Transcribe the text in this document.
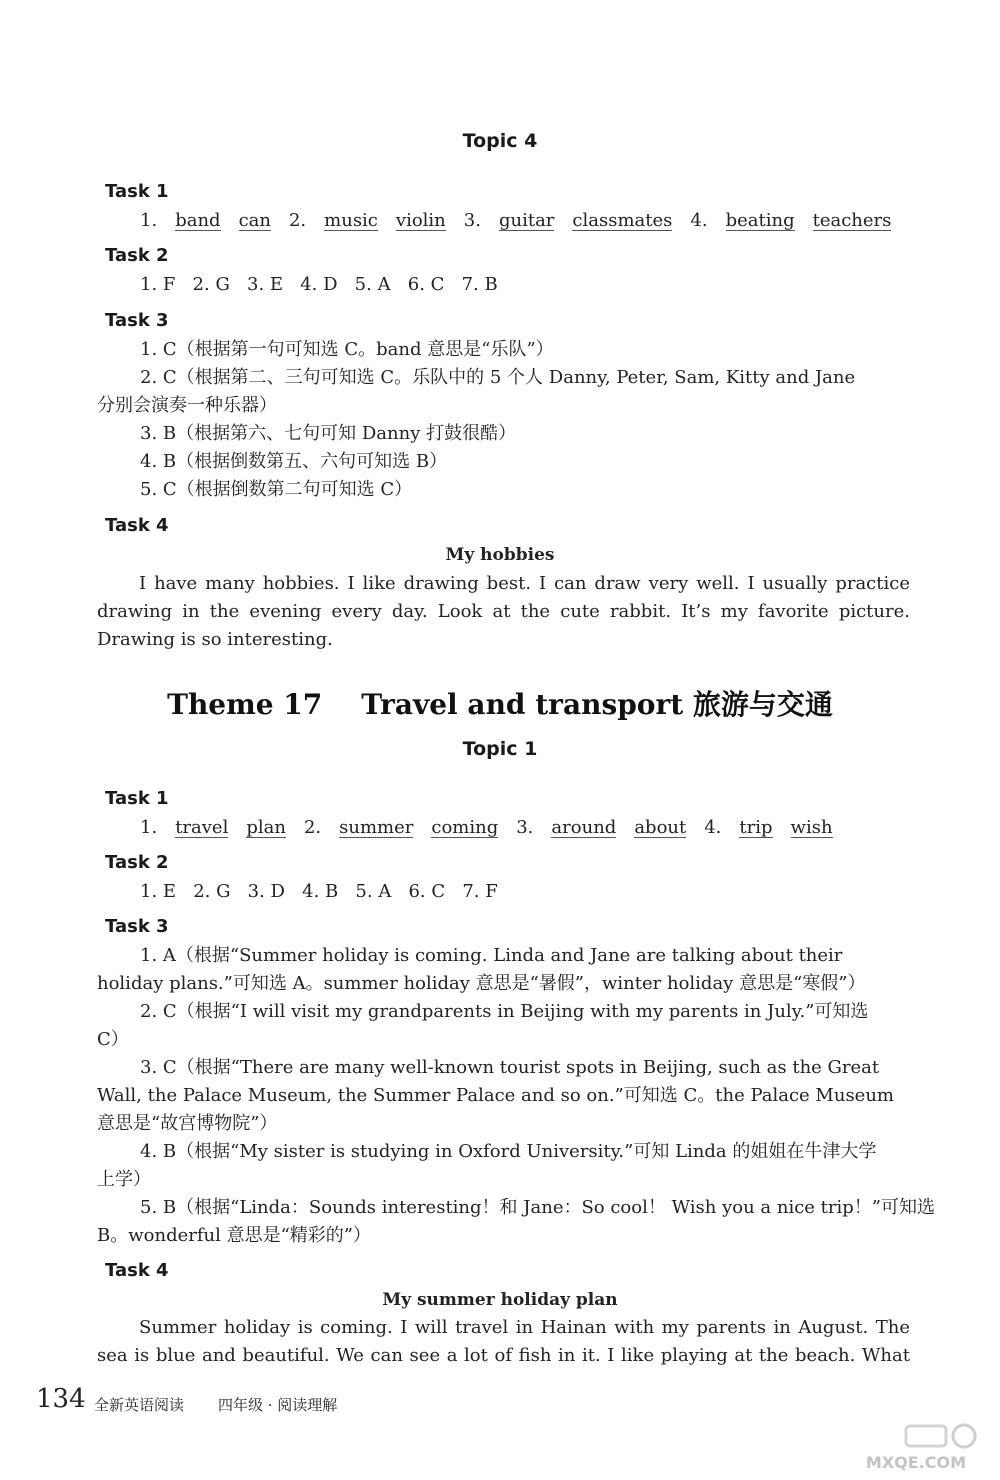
Topic 4
Task 1
1. band can 2. music violin 3. guitar classmates 4. beating teachers
Task 2
1. F   2. G   3. E   4. D   5. A   6. C   7. B
Task 3
1. C（根据第一句可知选 C。band 意思是“乐队”）
2. C（根据第二、三句可知选 C。乐队中的 5 个人 Danny, Peter, Sam, Kitty and Jane
分别会演奏一种乐器）
3. B（根据第六、七句可知 Danny 打鼓很酷）
4. B（根据倒数第五、六句可知选 B）
5. C（根据倒数第二句可知选 C）
Task 4
My hobbies
I have many hobbies. I like drawing best. I can draw very well. I usually practice drawing in the evening every day. Look at the cute rabbit. It’s my favorite picture. Drawing is so interesting.
Theme 17    Travel and transport 旅游与交通
Topic 1
Task 1
1. travel plan 2. summer coming 3. around about 4. trip wish
Task 2
1. E   2. G   3. D   4. B   5. A   6. C   7. F
Task 3
1. A（根据“Summer holiday is coming. Linda and Jane are talking about their
holiday plans.”可知选 A。summer holiday 意思是“暑假”，winter holiday 意思是“寒假”）
2. C（根据“I will visit my grandparents in Beijing with my parents in July.”可知选
C）
3. C（根据“There are many well-known tourist spots in Beijing, such as the Great
Wall, the Palace Museum, the Summer Palace and so on.”可知选 C。the Palace Museum
意思是“故宫博物院”）
4. B（根据“My sister is studying in Oxford University.”可知 Linda 的姐姐在牛津大学
上学）
5. B（根据“Linda：Sounds interesting！和 Jane：So cool！ Wish you a nice trip！”可知选
B。wonderful 意思是“精彩的”）
Task 4
My summer holiday plan
Summer holiday is coming. I will travel in Hainan with my parents in August. The sea is blue and beautiful. We can see a lot of fish in it. I like playing at the beach. What
134 全新英语阅读 四年级 · 阅读理解
MXQE.COM
